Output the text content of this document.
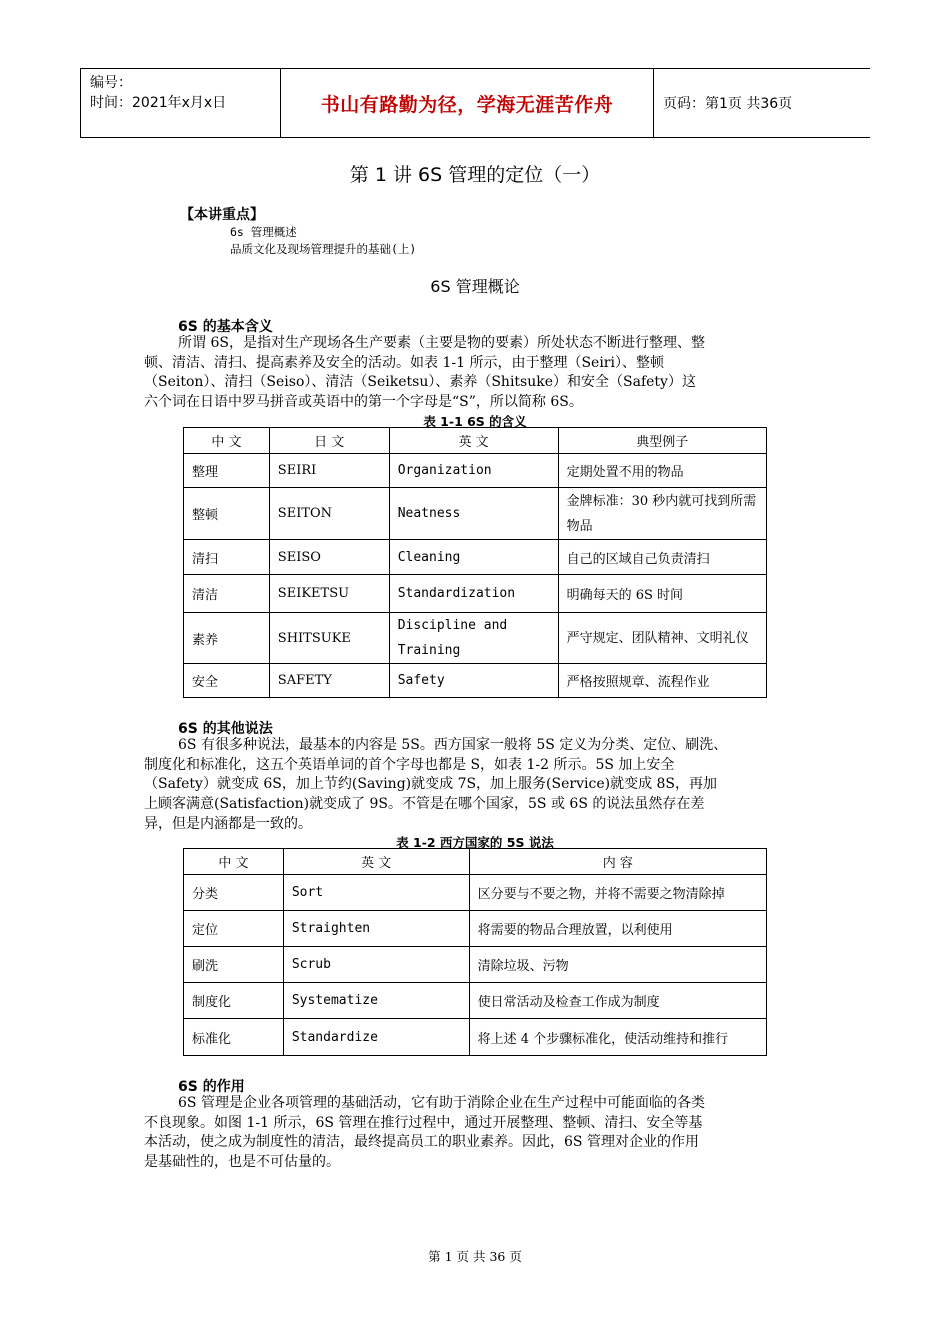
编号：
时间：2021年x月x日	书山有路勤为径，学海无涯苦作舟	页码：第1页 共36页
第 1 讲 6S 管理的定位（一）
【本讲重点】
6s 管理概述
品质文化及现场管理提升的基础(上)
6S 管理概论
6S 的基本含义
所谓 6S，是指对生产现场各生产要素（主要是物的要素）所处状态不断进行整理、整
顿、清洁、清扫、提高素养及安全的活动。如表 1-1 所示，由于整理（Seiri）、整顿
（Seiton）、清扫（Seiso）、清洁（Seiketsu）、素养（Shitsuke）和安全（Safety）这
六个词在日语中罗马拼音或英语中的第一个字母是“S”，所以简称 6S。
表 1-1 6S 的含义
中 文	日 文	英 文	典型例子
整理	SEIRI	Organization	定期处置不用的物品
整顿	SEITON	Neatness	金牌标准：30 秒内就可找到所需物品
清扫	SEISO	Cleaning	自己的区域自己负责清扫
清洁	SEIKETSU	Standardization	明确每天的 6S 时间
素养	SHITSUKE	Discipline and Training	严守规定、团队精神、文明礼仪
安全	SAFETY	Safety	严格按照规章、流程作业
6S 的其他说法
6S 有很多种说法，最基本的内容是 5S。西方国家一般将 5S 定义为分类、定位、刷洗、
制度化和标准化，这五个英语单词的首个字母也都是 S，如表 1-2 所示。5S 加上安全
（Safety）就变成 6S，加上节约(Saving)就变成 7S，加上服务(Service)就变成 8S，再加
上顾客满意(Satisfaction)就变成了 9S。不管是在哪个国家，5S 或 6S 的说法虽然存在差
异，但是内涵都是一致的。
表 1-2 西方国家的 5S 说法
中 文	英 文	内 容
分类	Sort	区分要与不要之物，并将不需要之物清除掉
定位	Straighten	将需要的物品合理放置，以利使用
刷洗	Scrub	清除垃圾、污物
制度化	Systematize	使日常活动及检查工作成为制度
标准化	Standardize	将上述 4 个步骤标准化，使活动维持和推行
6S 的作用
6S 管理是企业各项管理的基础活动，它有助于消除企业在生产过程中可能面临的各类
不良现象。如图 1-1 所示，6S 管理在推行过程中，通过开展整理、整顿、清扫、安全等基
本活动，使之成为制度性的清洁，最终提高员工的职业素养。因此，6S 管理对企业的作用
是基础性的，也是不可估量的。
第 1 页 共 36 页
